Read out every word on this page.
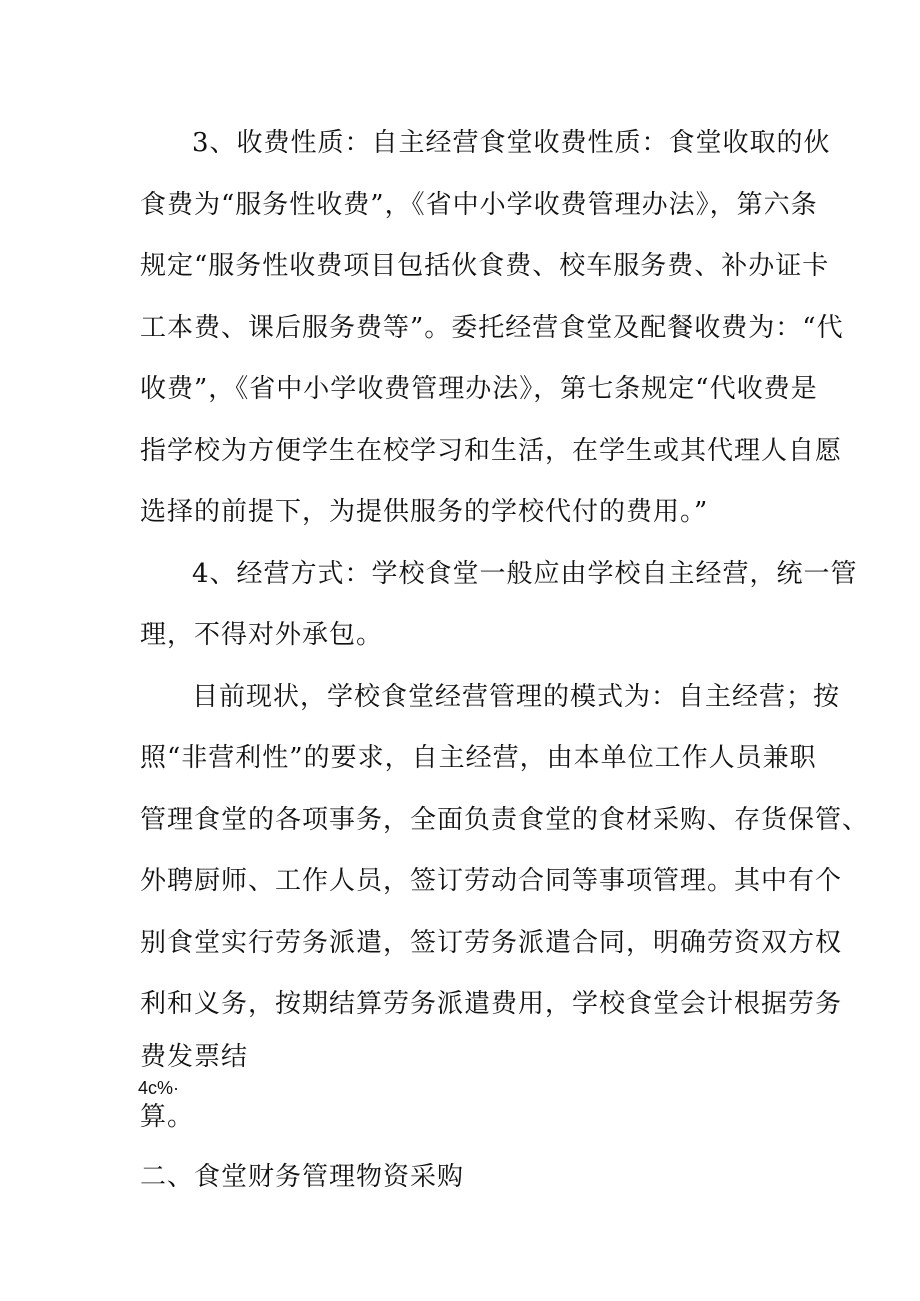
3、收费性质：自主经营食堂收费性质：食堂收取的伙
食费为“服务性收费”，《省中小学收费管理办法》，第六条
规定“服务性收费项目包括伙食费、校车服务费、补办证卡
工本费、课后服务费等”。委托经营食堂及配餐收费为：“代
收费”，《省中小学收费管理办法》，第七条规定“代收费是
指学校为方便学生在校学习和生活，在学生或其代理人自愿
选择的前提下，为提供服务的学校代付的费用。”
4、经营方式：学校食堂一般应由学校自主经营，统一管
理，不得对外承包。
目前现状，学校食堂经营管理的模式为：自主经营；按
照“非营利性”的要求，自主经营，由本单位工作人员兼职
管理食堂的各项事务，全面负责食堂的食材采购、存货保管、
外聘厨师、工作人员，签订劳动合同等事项管理。其中有个
别食堂实行劳务派遣，签订劳务派遣合同，明确劳资双方权
利和义务，按期结算劳务派遣费用，学校食堂会计根据劳务
费发票结
4c%·
算。
二、食堂财务管理物资采购
